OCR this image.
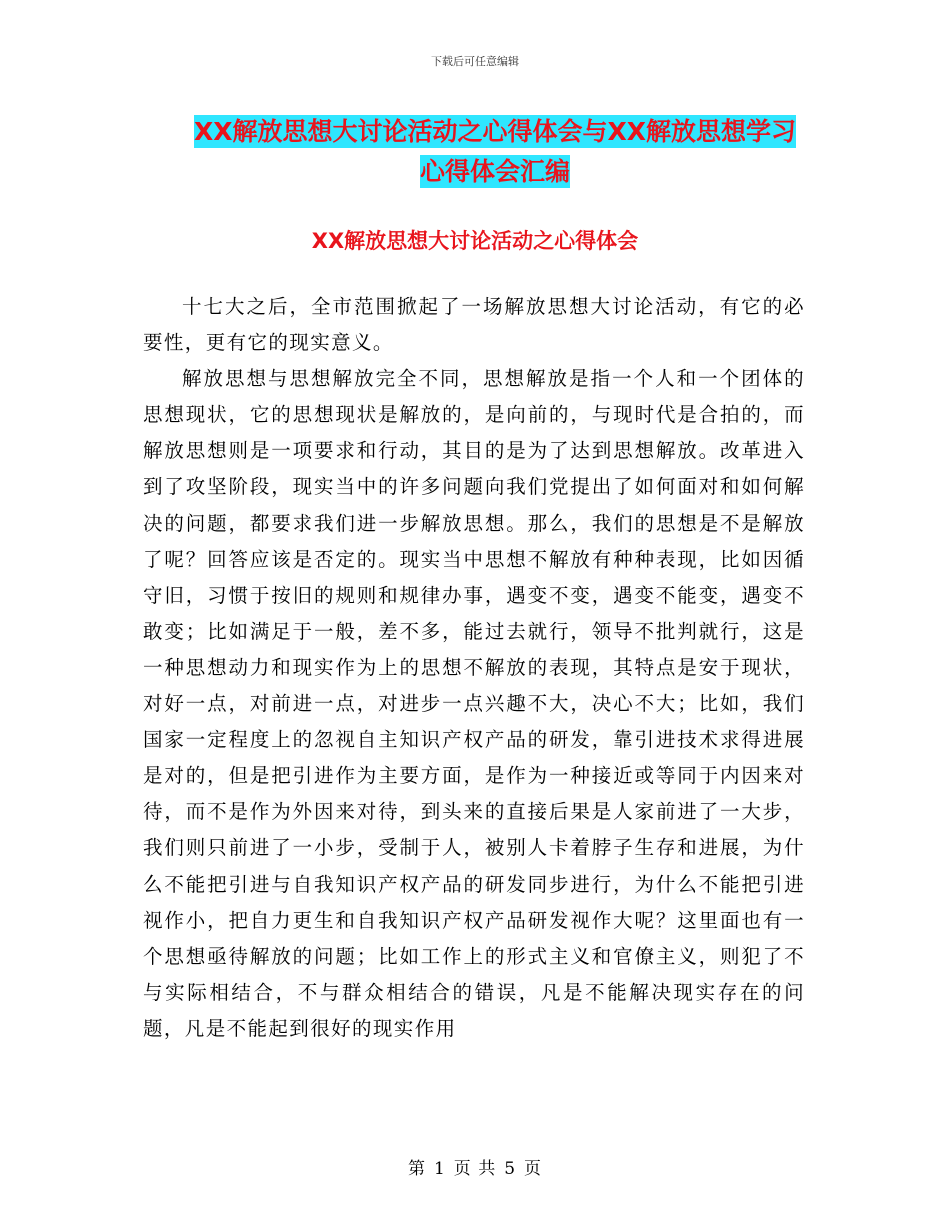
下载后可任意编辑
XX解放思想大讨论活动之心得体会与XX解放思想学习
心得体会汇编
XX解放思想大讨论活动之心得体会

十七大之后，全市范围掀起了一场解放思想大讨论活动，有它的必要性，更有它的现实意义。

解放思想与思想解放完全不同，思想解放是指一个人和一个团体的思想现状，它的思想现状是解放的，是向前的，与现时代是合拍的，而解放思想则是一项要求和行动，其目的是为了达到思想解放。改革进入到了攻坚阶段，现实当中的许多问题向我们党提出了如何面对和如何解决的问题，都要求我们进一步解放思想。那么，我们的思想是不是解放了呢？回答应该是否定的。现实当中思想不解放有种种表现，比如因循守旧，习惯于按旧的规则和规律办事，遇变不变，遇变不能变，遇变不敢变；比如满足于一般，差不多，能过去就行，领导不批判就行，这是一种思想动力和现实作为上的思想不解放的表现，其特点是安于现状，对好一点，对前进一点，对进步一点兴趣不大，决心不大；比如，我们国家一定程度上的忽视自主知识产权产品的研发，靠引进技术求得进展是对的，但是把引进作为主要方面，是作为一种接近或等同于内因来对待，而不是作为外因来对待，到头来的直接后果是人家前进了一大步，我们则只前进了一小步，受制于人，被别人卡着脖子生存和进展，为什么不能把引进与自我知识产权产品的研发同步进行，为什么不能把引进视作小，把自力更生和自我知识产权产品研发视作大呢？这里面也有一个思想亟待解放的问题；比如工作上的形式主义和官僚主义，则犯了不与实际相结合，不与群众相结合的错误，凡是不能解决现实存在的问题，凡是不能起到很好的现实作用

第 1 页 共 5 页
